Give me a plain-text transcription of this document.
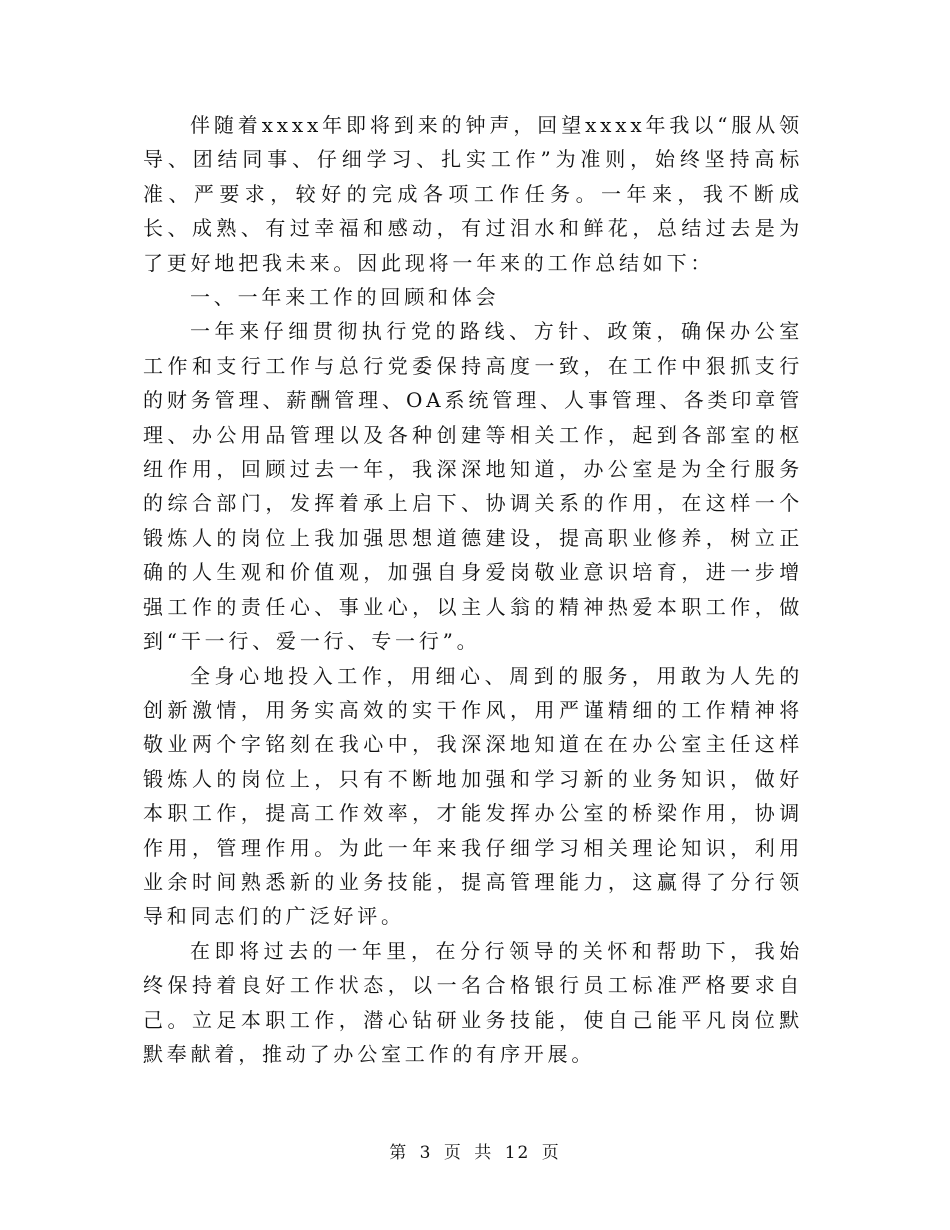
伴随着xxxx年即将到来的钟声，回望xxxx年我以“服从领导、团结同事、仔细学习、扎实工作”为准则，始终坚持高标准、严要求，较好的完成各项工作任务。一年来，我不断成长、成熟、有过幸福和感动，有过泪水和鲜花，总结过去是为了更好地把我未来。因此现将一年来的工作总结如下：

一、一年来工作的回顾和体会

一年来仔细贯彻执行党的路线、方针、政策，确保办公室工作和支行工作与总行党委保持高度一致，在工作中狠抓支行的财务管理、薪酬管理、OA系统管理、人事管理、各类印章管理、办公用品管理以及各种创建等相关工作，起到各部室的枢纽作用，回顾过去一年，我深深地知道，办公室是为全行服务的综合部门，发挥着承上启下、协调关系的作用，在这样一个锻炼人的岗位上我加强思想道德建设，提高职业修养，树立正确的人生观和价值观，加强自身爱岗敬业意识培育，进一步增强工作的责任心、事业心，以主人翁的精神热爱本职工作，做到“干一行、爱一行、专一行”。

全身心地投入工作，用细心、周到的服务，用敢为人先的创新激情，用务实高效的实干作风，用严谨精细的工作精神将敬业两个字铭刻在我心中，我深深地知道在在办公室主任这样锻炼人的岗位上，只有不断地加强和学习新的业务知识，做好本职工作，提高工作效率，才能发挥办公室的桥梁作用，协调作用，管理作用。为此一年来我仔细学习相关理论知识，利用业余时间熟悉新的业务技能，提高管理能力，这赢得了分行领导和同志们的广泛好评。

在即将过去的一年里，在分行领导的关怀和帮助下，我始终保持着良好工作状态，以一名合格银行员工标准严格要求自己。立足本职工作，潜心钻研业务技能，使自己能平凡岗位默默奉献着，推动了办公室工作的有序开展。

第 3 页 共 12 页
